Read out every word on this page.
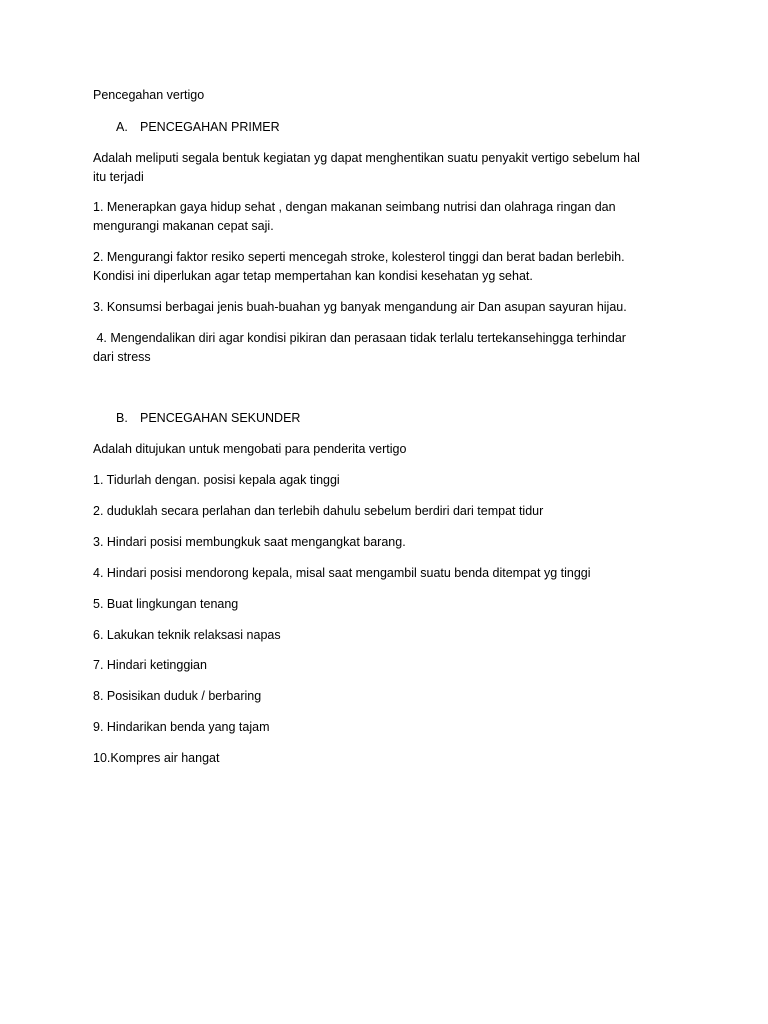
Pencegahan vertigo

A. PENCEGAHAN PRIMER

Adalah meliputi segala bentuk kegiatan yg dapat menghentikan suatu penyakit vertigo sebelum hal

itu terjadi

1. Menerapkan gaya hidup sehat , dengan makanan seimbang nutrisi dan olahraga ringan dan

mengurangi makanan cepat saji.

2. Mengurangi faktor resiko seperti mencegah stroke, kolesterol tinggi dan berat badan berlebih.

Kondisi ini diperlukan agar tetap mempertahan kan kondisi kesehatan yg sehat.

3. Konsumsi berbagai jenis buah-buahan yg banyak mengandung air Dan asupan sayuran hijau.

4. Mengendalikan diri agar kondisi pikiran dan perasaan tidak terlalu tertekansehingga terhindar

dari stress

B. PENCEGAHAN SEKUNDER

Adalah ditujukan untuk mengobati para penderita vertigo

1. Tidurlah dengan. posisi kepala agak tinggi

2. duduklah secara perlahan dan terlebih dahulu sebelum berdiri dari tempat tidur

3. Hindari posisi membungkuk saat mengangkat barang.

4. Hindari posisi mendorong kepala, misal saat mengambil suatu benda ditempat yg tinggi

5. Buat lingkungan tenang

6. Lakukan teknik relaksasi napas

7. Hindari ketinggian

8. Posisikan duduk / berbaring

9. Hindarikan benda yang tajam

10.Kompres air hangat
